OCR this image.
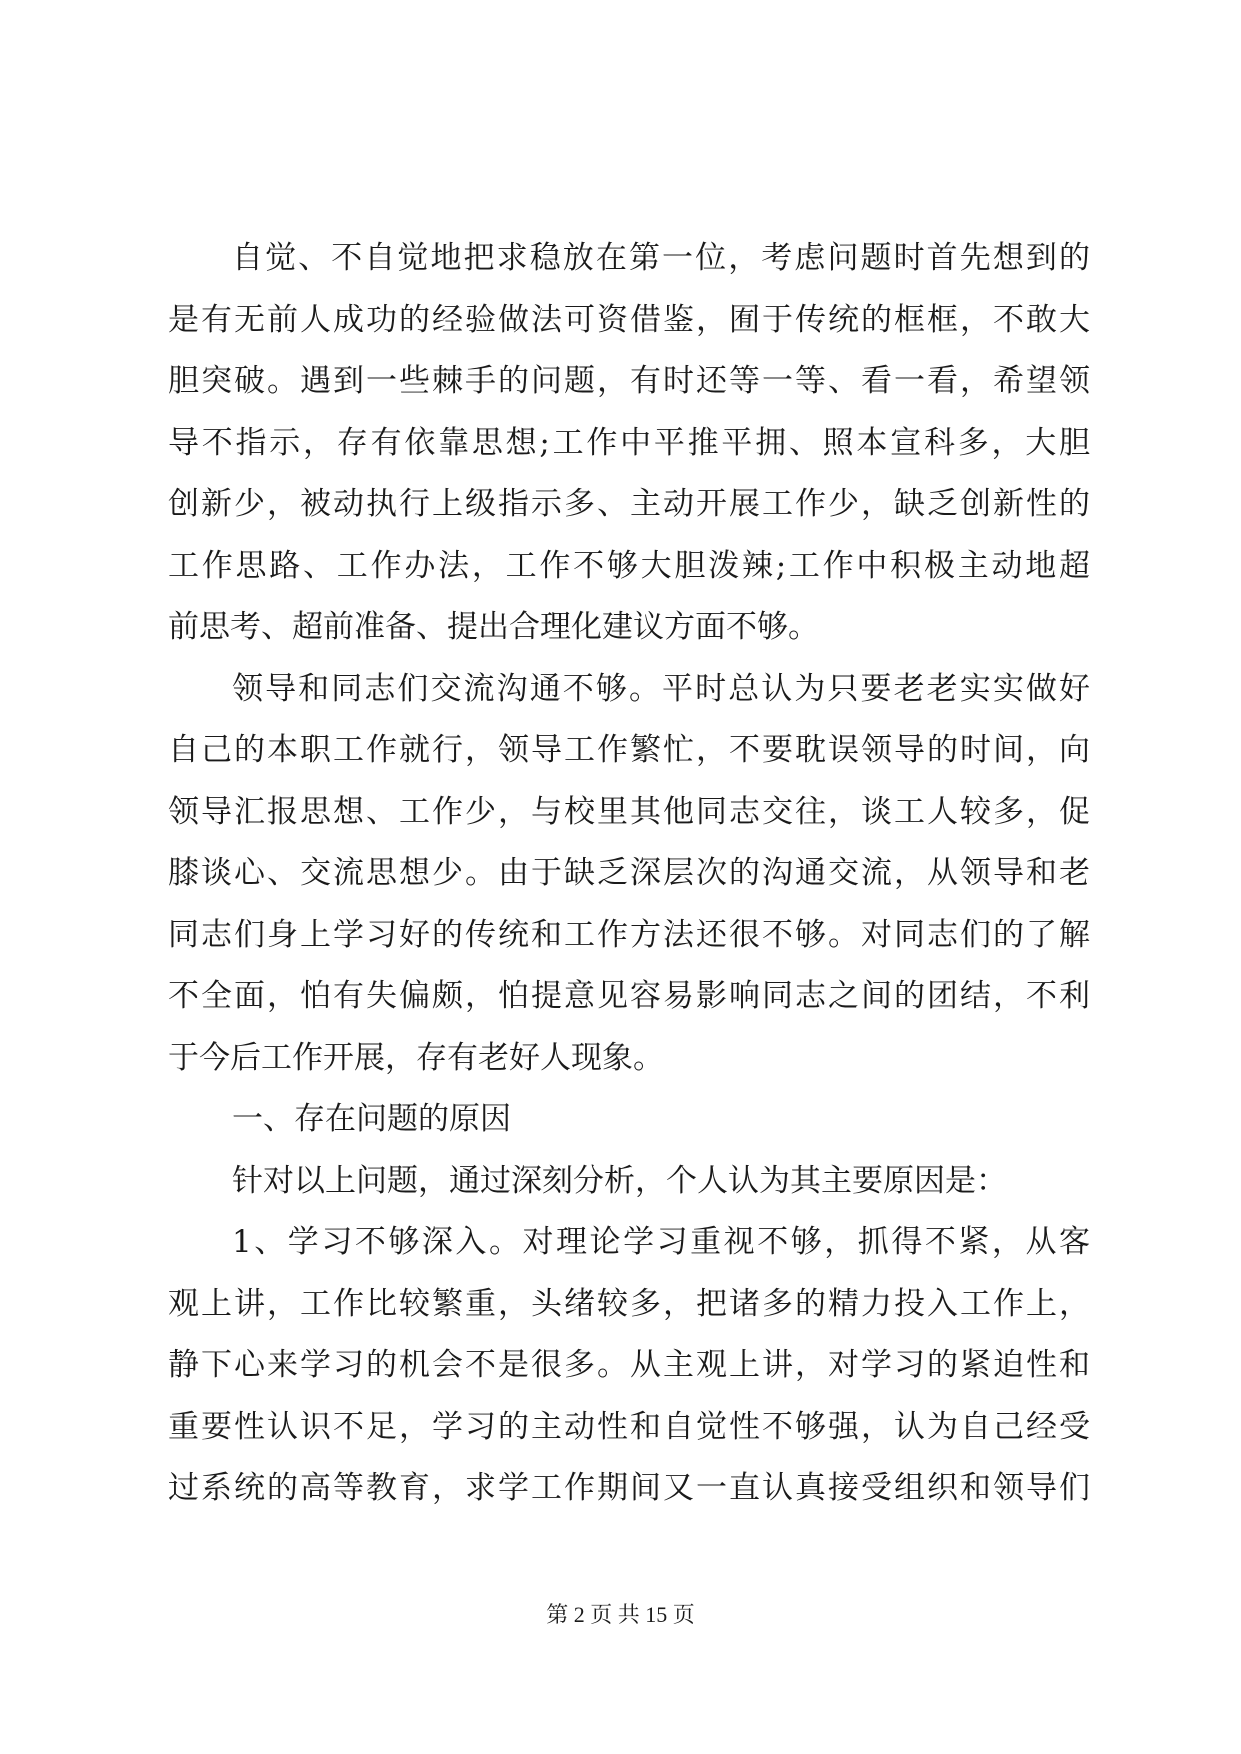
自觉、不自觉地把求稳放在第一位，考虑问题时首先想到的
是有无前人成功的经验做法可资借鉴，囿于传统的框框，不敢大
胆突破。遇到一些棘手的问题，有时还等一等、看一看，希望领
导不指示，存有依靠思想;工作中平推平拥、照本宣科多，大胆
创新少，被动执行上级指示多、主动开展工作少，缺乏创新性的
工作思路、工作办法，工作不够大胆泼辣;工作中积极主动地超
前思考、超前准备、提出合理化建议方面不够。
领导和同志们交流沟通不够。平时总认为只要老老实实做好
自己的本职工作就行，领导工作繁忙，不要耽误领导的时间，向
领导汇报思想、工作少，与校里其他同志交往，谈工人较多，促
膝谈心、交流思想少。由于缺乏深层次的沟通交流，从领导和老
同志们身上学习好的传统和工作方法还很不够。对同志们的了解
不全面，怕有失偏颇，怕提意见容易影响同志之间的团结，不利
于今后工作开展，存有老好人现象。
一、存在问题的原因
针对以上问题，通过深刻分析，个人认为其主要原因是：
1、学习不够深入。对理论学习重视不够，抓得不紧，从客
观上讲，工作比较繁重，头绪较多，把诸多的精力投入工作上，
静下心来学习的机会不是很多。从主观上讲，对学习的紧迫性和
重要性认识不足，学习的主动性和自觉性不够强，认为自己经受
过系统的高等教育，求学工作期间又一直认真接受组织和领导们
第 2 页 共 15 页
